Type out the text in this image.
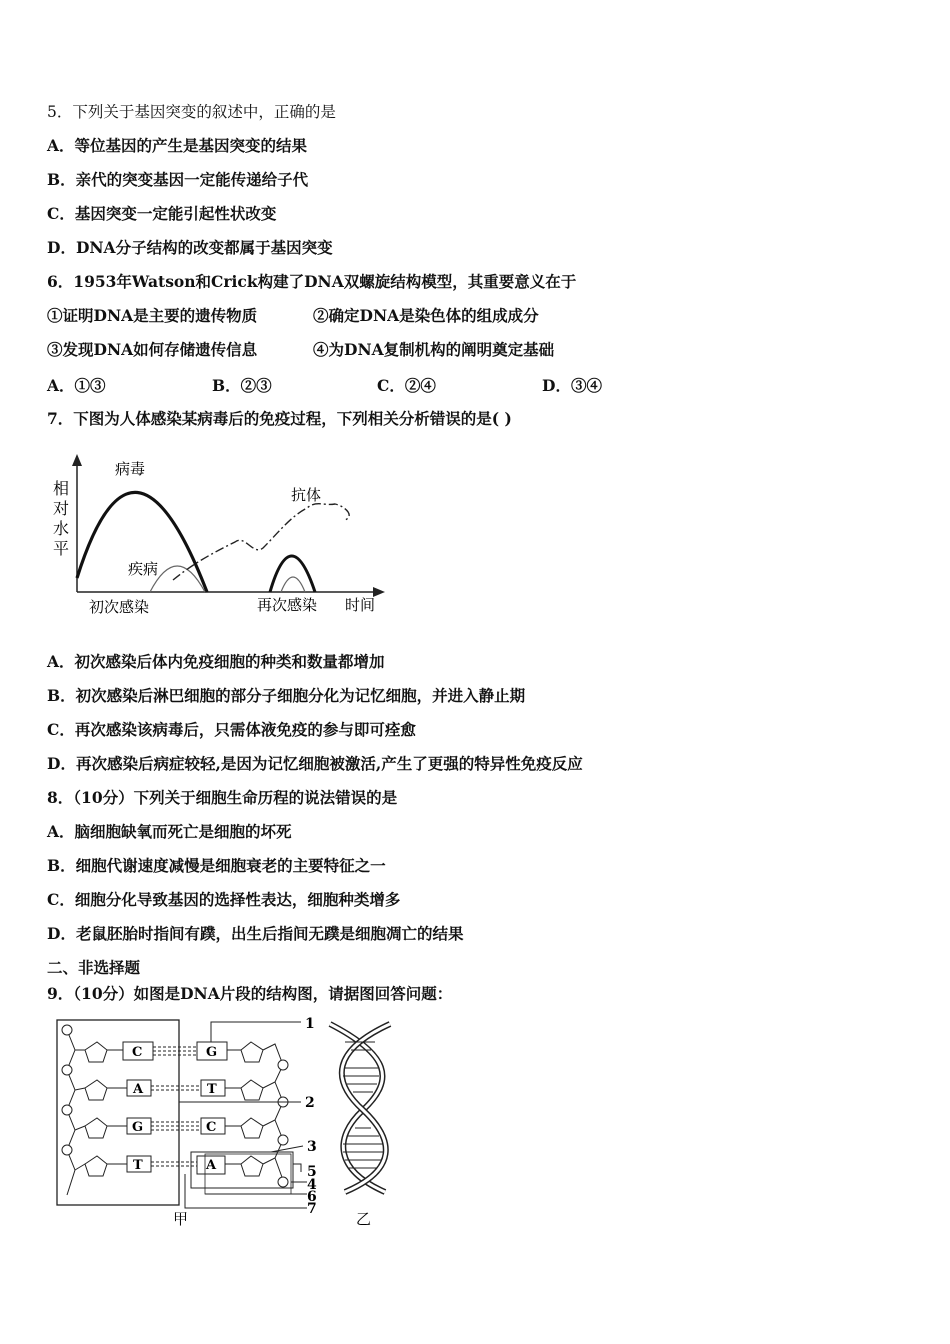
5．下列关于基因突变的叙述中，正确的是
A．等位基因的产生是基因突变的结果
B．亲代的突变基因一定能传递给子代
C．基因突变一定能引起性状改变
D．DNA分子结构的改变都属于基因突变
6．1953年Watson和Crick构建了DNA双螺旋结构模型，其重要意义在于
①证明DNA是主要的遗传物质	②确定DNA是染色体的组成成分
③发现DNA如何存储遗传信息	④为DNA复制机构的阐明奠定基础
A．①③	B．②③	C．②④	D．③④
7．下图为人体感染某病毒后的免疫过程，下列相关分析错误的是( )
相
对
水
平
病毒
抗体
疾病
初次感染	再次感染 时间
A．初次感染后体内免疫细胞的种类和数量都增加
B．初次感染后淋巴细胞的部分子细胞分化为记忆细胞，并进入静止期
C．再次感染该病毒后，只需体液免疫的参与即可痊愈
D．再次感染后病症较轻,是因为记忆细胞被激活,产生了更强的特异性免疫反应
8．（10分）下列关于细胞生命历程的说法错误的是
A．脑细胞缺氧而死亡是细胞的坏死
B．细胞代谢速度减慢是细胞衰老的主要特征之一
C．细胞分化导致基因的选择性表达，细胞种类增多
D．老鼠胚胎时指间有蹼，出生后指间无蹼是细胞凋亡的结果
二、非选择题
9．（10分）如图是DNA片段的结构图，请据图回答问题：
C
A
G
T
G
T
C
A
1
2
3
5
4
6
7
甲	乙
